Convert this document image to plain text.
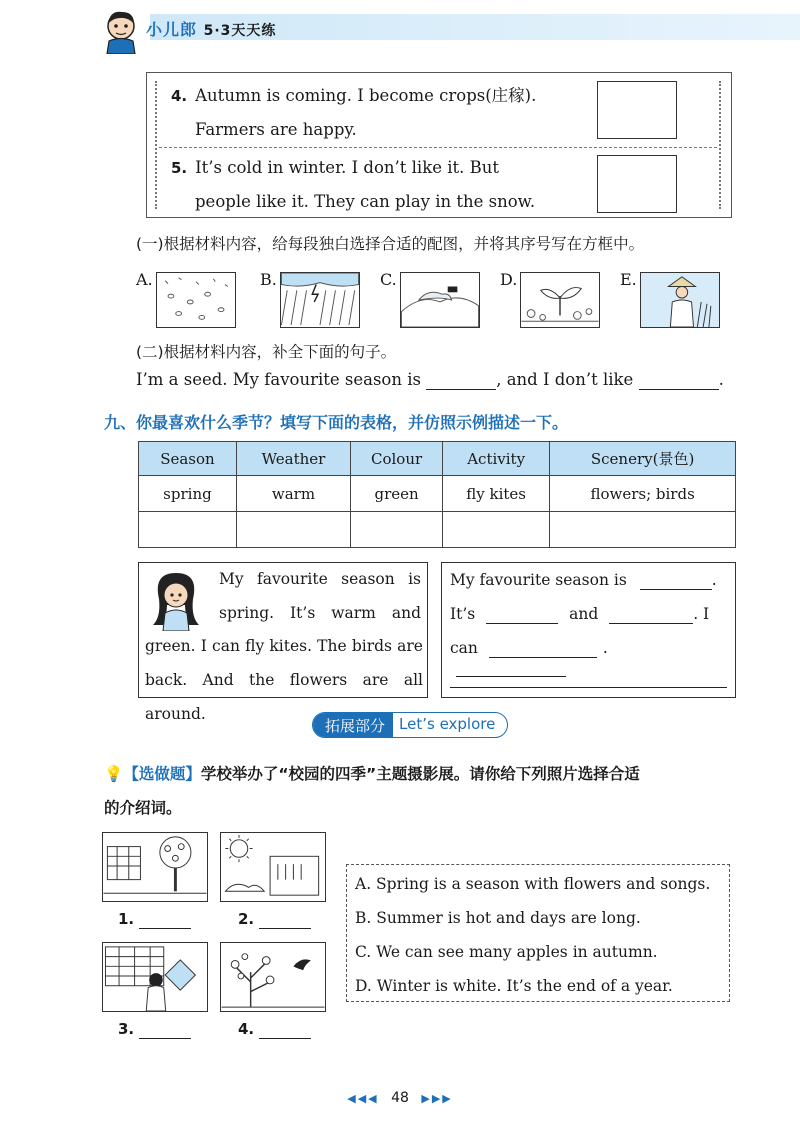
小儿郎 5·3天天练
4. Autumn is coming. I become crops(庄稼).
Farmers are happy.
5. It’s cold in winter. I don’t like it. But
people like it. They can play in the snow.
(一)根据材料内容，给每段独白选择合适的配图，并将其序号写在方框中。
A.	B.	C.	D.	E.
(二)根据材料内容，补全下面的句子。
I’m a seed. My favourite season is	, and I don’t like	.
九、你最喜欢什么季节？填写下面的表格，并仿照示例描述一下。
Season	Weather	Colour	Activity	Scenery(景色)
spring	warm	green	fly kites	flowers; birds

My favourite season is
spring. It’s warm and
green. I can fly kites. The birds are
back. And the flowers are all around.
My favourite season is	.
It’s	and	. I
can	.
拓展部分 Let’s explore
💡【选做题】学校举办了“校园的四季”主题摄影展。请你给下列照片选择合适
的介绍词。
1.	2.
3.	4.
A. Spring is a season with flowers and songs.
B. Summer is hot and days are long.
C. We can see many apples in autumn.
D. Winter is white. It’s the end of a year.
◀◀◀ 48 ▶▶▶
